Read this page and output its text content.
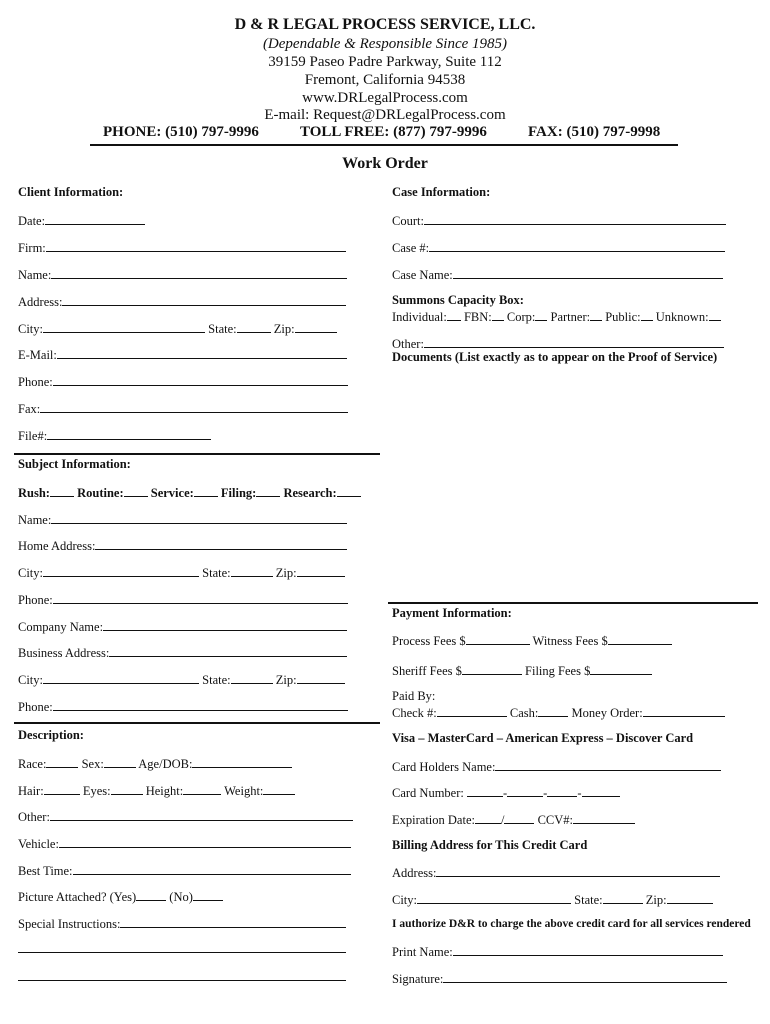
D & R LEGAL PROCESS SERVICE, LLC.
(Dependable & Responsible Since 1985)
39159 Paseo Padre Parkway, Suite 112
Fremont, California 94538
www.DRLegalProcess.com
E-mail: Request@DRLegalProcess.com
PHONE: (510) 797-9996	TOLL FREE: (877) 797-9996	FAX: (510) 797-9998
Work Order
Client Information:
Date:
Firm:
Name:
Address:
City:	State:	Zip:
E-Mail:
Phone:
Fax:
File#:
Subject Information:
Rush: Routine: Service: Filing: Research:
Name:
Home Address:
City:	State:	Zip:
Phone:
Company Name:
Business Address:
City:	State:	Zip:
Phone:
Description:
Race:	Sex:	Age/DOB:
Hair:	Eyes:	Height:	Weight:
Other:
Vehicle:
Best Time:
Picture Attached? (Yes)	(No)
Special Instructions:
Case Information:
Court:
Case #:
Case Name:
Summons Capacity Box:
Individual: FBN: Corp: Partner: Public: Unknown:
Other:
Documents (List exactly as to appear on the Proof of Service)
Payment Information:
Process Fees $	Witness Fees $
Sheriff Fees $	Filing Fees $
Paid By:
Check #:	Cash:	Money Order:
Visa – MasterCard – American Express – Discover Card
Card Holders Name:
Card Number:	-	- -
Expiration Date: /	CCV#:
Billing Address for This Credit Card
Address:
City:	State:	Zip:
I authorize D&R to charge the above credit card for all services rendered
Print Name:
Signature:
